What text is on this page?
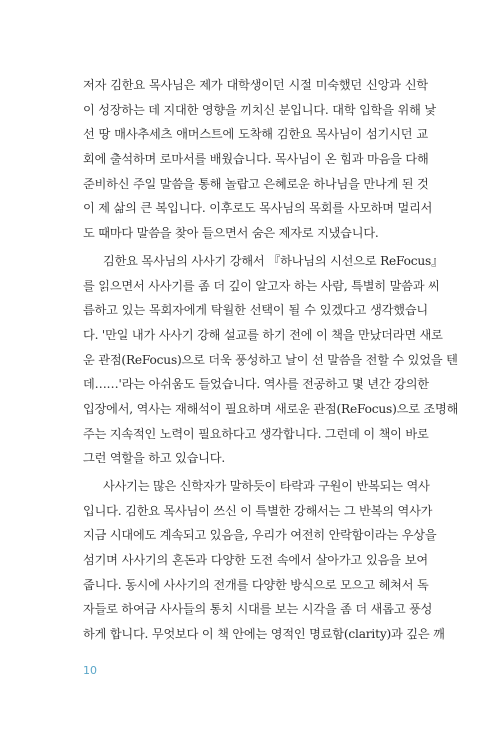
저자 김한요 목사님은 제가 대학생이던 시절 미숙했던 신앙과 신학
이 성장하는 데 지대한 영향을 끼치신 분입니다. 대학 입학을 위해 낯
선 땅 매사추세츠 애머스트에 도착해 김한요 목사님이 섬기시던 교
회에 출석하며 로마서를 배웠습니다. 목사님이 온 힘과 마음을 다해
준비하신 주일 말씀을 통해 놀랍고 은혜로운 하나님을 만나게 된 것
이 제 삶의 큰 복입니다. 이후로도 목사님의 목회를 사모하며 멀리서
도 때마다 말씀을 찾아 들으면서 숨은 제자로 지냈습니다.
김한요 목사님의 사사기 강해서 『하나님의 시선으로 ReFocus』
를 읽으면서 사사기를 좀 더 깊이 알고자 하는 사람, 특별히 말씀과 씨
름하고 있는 목회자에게 탁월한 선택이 될 수 있겠다고 생각했습니
다. '만일 내가 사사기 강해 설교를 하기 전에 이 책을 만났더라면 새로
운 관점(ReFocus)으로 더욱 풍성하고 날이 선 말씀을 전할 수 있었을 텐
데……'라는 아쉬움도 들었습니다. 역사를 전공하고 몇 년간 강의한
입장에서, 역사는 재해석이 필요하며 새로운 관점(ReFocus)으로 조명해
주는 지속적인 노력이 필요하다고 생각합니다. 그런데 이 책이 바로
그런 역할을 하고 있습니다.
사사기는 많은 신학자가 말하듯이 타락과 구원이 반복되는 역사
입니다. 김한요 목사님이 쓰신 이 특별한 강해서는 그 반복의 역사가
지금 시대에도 계속되고 있음을, 우리가 여전히 안락함이라는 우상을
섬기며 사사기의 혼돈과 다양한 도전 속에서 살아가고 있음을 보여
줍니다. 동시에 사사기의 전개를 다양한 방식으로 모으고 헤쳐서 독
자들로 하여금 사사들의 통치 시대를 보는 시각을 좀 더 새롭고 풍성
하게 합니다. 무엇보다 이 책 안에는 영적인 명료함(clarity)과 깊은 깨
10
